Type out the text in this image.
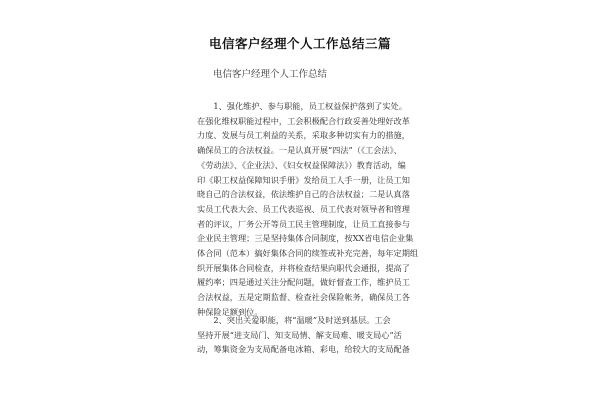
电信客户经理个人工作总结三篇
电信客户经理个人工作总结

　　1、强化维护、参与职能，员工权益保护落到了实处。
在强化维权职能过程中，工会积极配合行政妥善处理好改革
力度、发展与员工利益的关系，采取多种切实有力的措施，
确保员工的合法权益。一是认真开展“四法”（《工会法》、
《劳动法》、《企业法》、《妇女权益保障法》）教育活动，编
印《职工权益保障知识手册》发给员工人手一册，让员工知
晓自己的合法权益，依法维护自己的合法权益；二是认真落
实员工代表大会、员工代表巡视、员工代表对领导者和管理
者的评议，厂务公开等员工民主管理制度，让员工直接参与
企业民主管理；三是坚持集体合同制度，按XX省电信企业集
体合同（范本）搞好集体合同的续签或补充完善，每年定期组
织开展集体合同检查，并将检查结果向职代会通报，提高了
履约率；四是通过关注分配问题，做好督查工作，维护员工
合法权益，五是定期监督、检查社会保险帐务，确保员工各
种保险足额到位。

　　2、突出关爱职能，将“温暖”及时送到基层。工会
坚持开展“进支局门、知支局情、解支局难、暖支局心”活
动，筹集资金为支局配备电冰箱、彩电，给较大的支局配备
